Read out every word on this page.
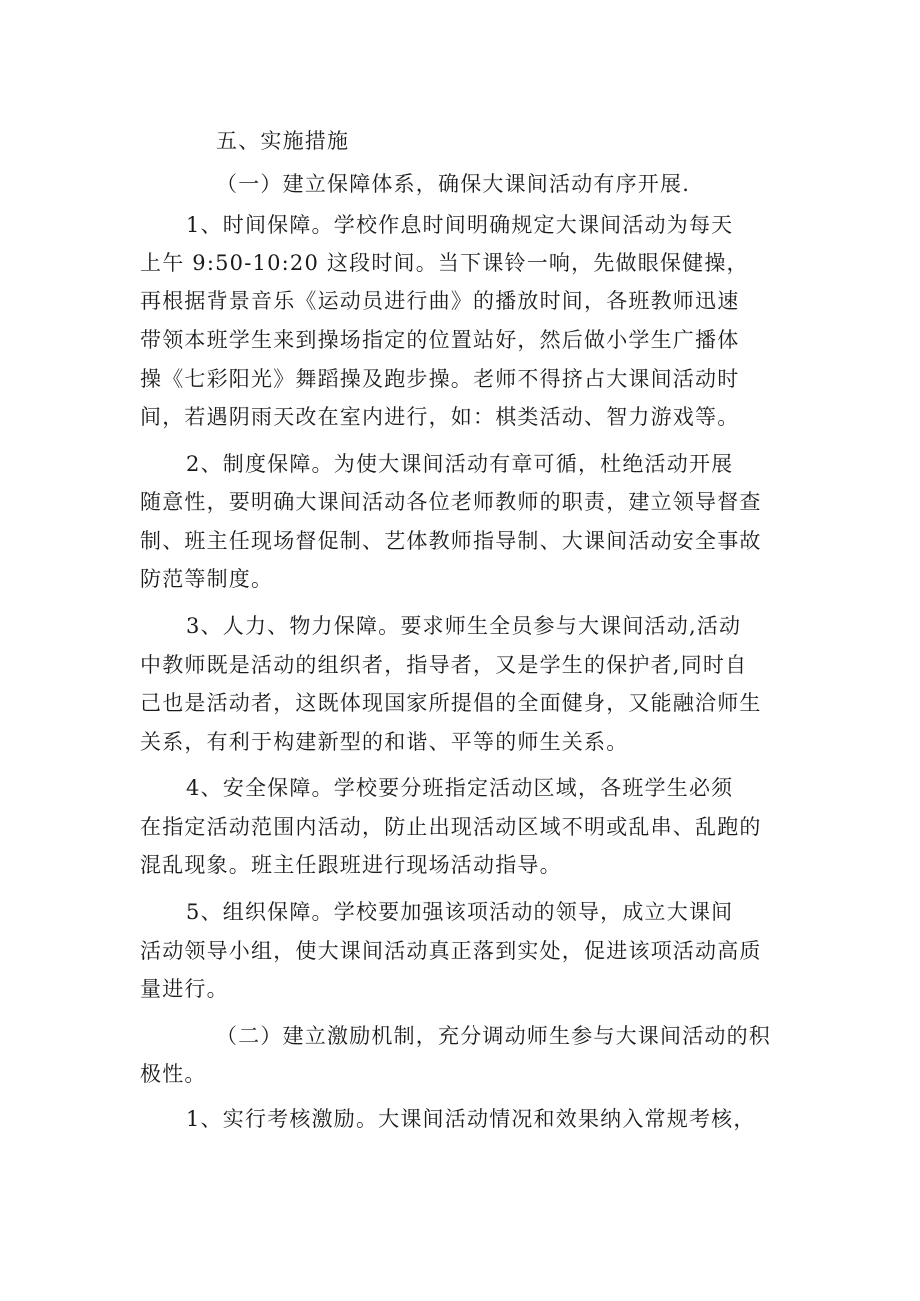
五、实施措施
（一）建立保障体系，确保大课间活动有序开展.
1、时间保障。学校作息时间明确规定大课间活动为每天
上午 9:50-10:20 这段时间。当下课铃一响，先做眼保健操，
再根据背景音乐《运动员进行曲》的播放时间，各班教师迅速
带领本班学生来到操场指定的位置站好，然后做小学生广播体
操《七彩阳光》舞蹈操及跑步操。老师不得挤占大课间活动时
间，若遇阴雨天改在室内进行，如：棋类活动、智力游戏等。
2、制度保障。为使大课间活动有章可循，杜绝活动开展
随意性，要明确大课间活动各位老师教师的职责，建立领导督查
制、班主任现场督促制、艺体教师指导制、大课间活动安全事故
防范等制度。
3、人力、物力保障。要求师生全员参与大课间活动,活动
中教师既是活动的组织者，指导者，又是学生的保护者,同时自
己也是活动者，这既体现国家所提倡的全面健身，又能融洽师生
关系，有利于构建新型的和谐、平等的师生关系。
4、安全保障。学校要分班指定活动区域，各班学生必须
在指定活动范围内活动，防止出现活动区域不明或乱串、乱跑的
混乱现象。班主任跟班进行现场活动指导。
5、组织保障。学校要加强该项活动的领导，成立大课间
活动领导小组，使大课间活动真正落到实处，促进该项活动高质
量进行。
（二）建立激励机制，充分调动师生参与大课间活动的积
极性。
1、实行考核激励。大课间活动情况和效果纳入常规考核，
